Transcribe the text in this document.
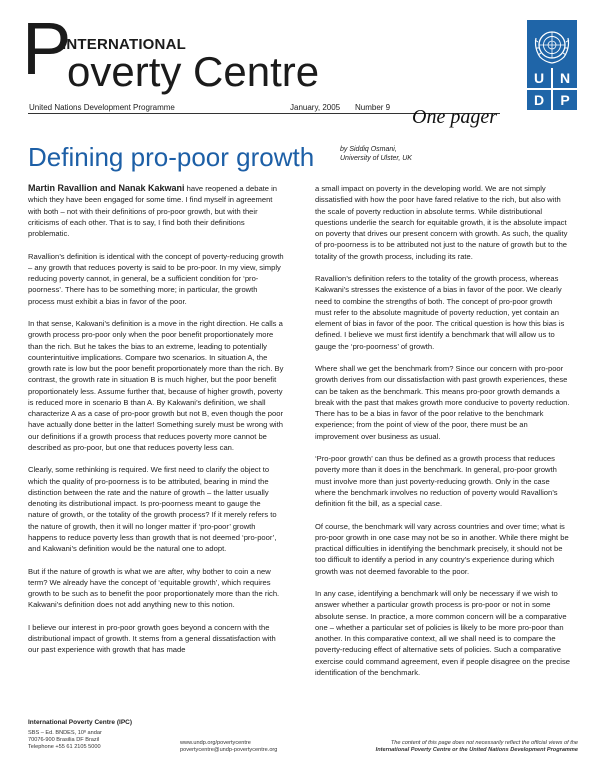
P
INTERNATIONAL
overty Centre	U	N
D	P
United Nations Development Programme	January, 2005 Number 9 One pager
Defining pro-poor growth	by Siddiq Osmani,
University of Ulster, UK

Martin Ravallion and Nanak Kakwani have reopened a debate in which they have been engaged for some time. I find myself in agreement with both – not with their definitions of pro-poor growth, but with their criticisms of each other. That is to say, I find both their definitions problematic.

Ravallion’s definition is identical with the concept of poverty-reducing growth – any growth that reduces poverty is said to be pro-poor. In my view, simply reducing poverty cannot, in general, be a sufficient condition for ‘pro-poorness’. There has to be something more; in particular, the growth process must exhibit a bias in favor of the poor.

In that sense, Kakwani’s definition is a move in the right direction. He calls a growth process pro-poor only when the poor benefit proportionately more than the rich. But he takes the bias to an extreme, leading to potentially counterintuitive implications. Compare two scenarios. In situation A, the growth rate is low but the poor benefit proportionately more than the rich. By contrast, the growth rate in situation B is much higher, but the poor benefit proportionately less. Assume further that, because of higher growth, poverty is reduced more in scenario B than A. By Kakwani’s definition, we shall characterize A as a case of pro-poor growth but not B, even though the poor have actually done better in the latter! Something surely must be wrong with our definitions if a growth process that reduces poverty more cannot be described as pro-poor, but one that reduces poverty less can.

Clearly, some rethinking is required. We first need to clarify the object to which the quality of pro-poorness is to be attributed, bearing in mind the distinction between the rate and the nature of growth – the latter usually denoting its distributional impact. Is pro-poorness meant to gauge the nature of growth, or the totality of the growth process? If it merely refers to the nature of growth, then it will no longer matter if ‘pro-poor’ growth happens to reduce poverty less than growth that is not deemed ‘pro-poor’, and Kakwani’s definition would be the natural one to adopt.

But if the nature of growth is what we are after, why bother to coin a new term? We already have the concept of ‘equitable growth’, which requires growth to be such as to benefit the poor proportionately more than the rich. Kakwani’s definition does not add anything new to this notion.

I believe our interest in pro-poor growth goes beyond a concern with the distributional impact of growth. It stems from a general dissatisfaction with our past experience with growth that has made

a small impact on poverty in the developing world. We are not simply dissatisfied with how the poor have fared relative to the rich, but also with the scale of poverty reduction in absolute terms. While distributional questions underlie the search for equitable growth, it is the absolute impact on poverty that drives our present concern with growth. As such, the quality of pro-poorness is to be attributed not just to the nature of growth but to the totality of the growth process, including its rate.

Ravallion’s definition refers to the totality of the growth process, whereas Kakwani’s stresses the existence of a bias in favor of the poor. We clearly need to combine the strengths of both. The concept of pro-poor growth must refer to the absolute magnitude of poverty reduction, yet contain an element of bias in favor of the poor. The critical question is how this bias is defined. I believe we must first identify a benchmark that will allow us to gauge the ‘pro-poorness’ of growth.

Where shall we get the benchmark from? Since our concern with pro-poor growth derives from our dissatisfaction with past growth experiences, these can be taken as the benchmark. This means pro-poor growth demands a break with the past that makes growth more conducive to poverty reduction. There has to be a bias in favor of the poor relative to the benchmark experience; from the point of view of the poor, there must be an improvement over business as usual.

‘Pro-poor growth’ can thus be defined as a growth process that reduces poverty more than it does in the benchmark. In general, pro-poor growth must involve more than just poverty-reducing growth. Only in the case where the benchmark involves no reduction of poverty would Ravallion’s definition fit the bill, as a special case.

Of course, the benchmark will vary across countries and over time; what is pro-poor growth in one case may not be so in another. While there might be practical difficulties in identifying the benchmark precisely, it should not be too difficult to identify a period in any country’s experience during which growth was not deemed favorable to the poor.

In any case, identifying a benchmark will only be necessary if we wish to answer whether a particular growth process is pro-poor or not in some absolute sense. In practice, a more common concern will be a comparative one – whether a particular set of policies is likely to be more pro-poor than another. In this comparative context, all we shall need is to compare the poverty-reducing effect of alternative sets of policies. Such a comparative exercise could command agreement, even if people disagree on the precise identification of the benchmark.

International Poverty Centre (IPC)
SBS – Ed. BNDES, 10º andar
70076-900 Brasilia DF Brazil
Telephone +55 61 2105 5000
www.undp.org/povertycentre
povertycentre@undp-povertycentre.org
The content of this page does not necessarily reflect the official views of the
International Poverty Centre or the United Nations Development Programme
